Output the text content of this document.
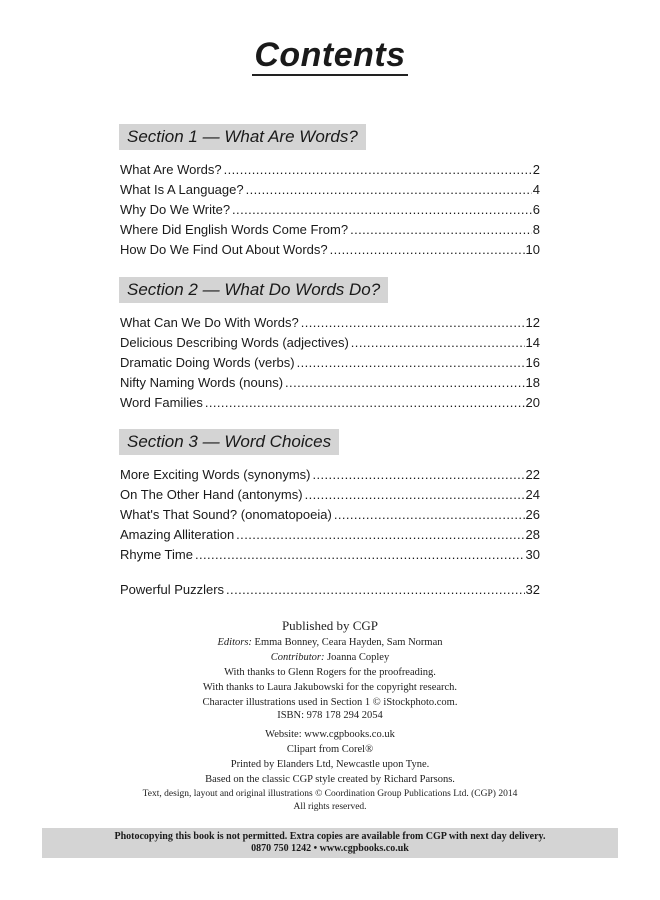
Contents
Section 1 — What Are Words?
What Are Words? .....	2
What Is A Language? .....	4
Why Do We Write? .....	6
Where Did English Words Come From? .....	8
How Do We Find Out About Words? .....	10
Section 2 — What Do Words Do?
What Can We Do With Words? .....	12
Delicious Describing Words (adjectives) .....	14
Dramatic Doing Words (verbs) .....	16
Nifty Naming Words (nouns) .....	18
Word Families .....	20
Section 3 — Word Choices
More Exciting Words (synonyms) .....	22
On The Other Hand (antonyms) .....	24
What's That Sound? (onomatopoeia) .....	26
Amazing Alliteration .....	28
Rhyme Time .....	30
Powerful Puzzlers .....	32
Published by CGP
Editors: Emma Bonney, Ceara Hayden, Sam Norman
Contributor: Joanna Copley
With thanks to Glenn Rogers for the proofreading.
With thanks to Laura Jakubowski for the copyright research.
Character illustrations used in Section 1 © iStockphoto.com.
ISBN: 978 178 294 2054
Website: www.cgpbooks.co.uk
Clipart from Corel®
Printed by Elanders Ltd, Newcastle upon Tyne.
Based on the classic CGP style created by Richard Parsons.
Text, design, layout and original illustrations © Coordination Group Publications Ltd. (CGP) 2014
All rights reserved.
Photocopying this book is not permitted. Extra copies are available from CGP with next day delivery.
0870 750 1242 • www.cgpbooks.co.uk
